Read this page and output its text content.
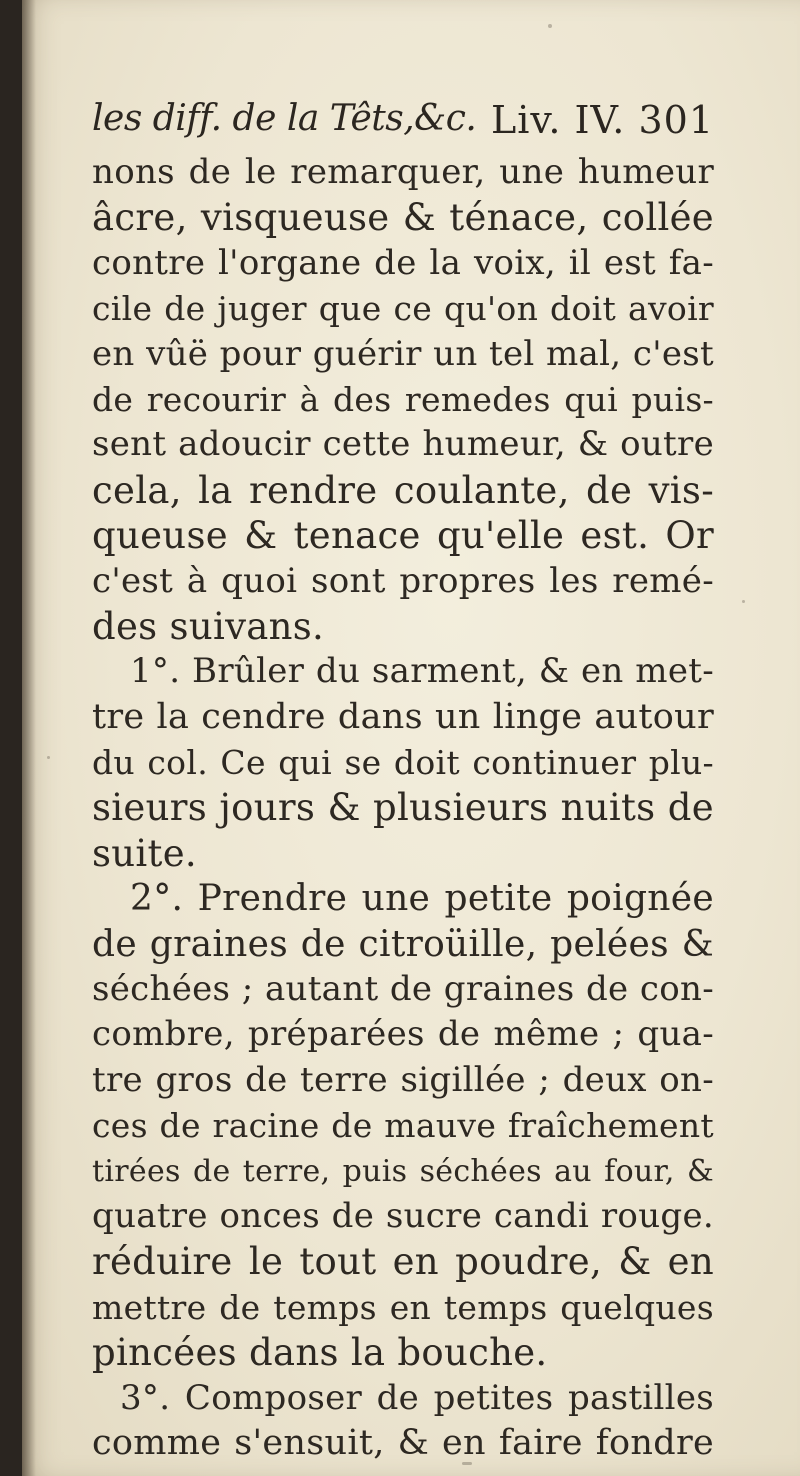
les diff. de la Têts,&c. Liv. IV. 301
nons de le remarquer, une humeur
âcre, visqueuse & ténace, collée
contre l'organe de la voix, il est fa-
cile de juger que ce qu'on doit avoir
en vûë pour guérir un tel mal, c'est
de recourir à des remedes qui puis-
sent adoucir cette humeur, & outre
cela, la rendre coulante, de vis-
queuse & tenace qu'elle est. Or
c'est à quoi sont propres les remé-
des suivans.
1°. Brûler du sarment, & en met-
tre la cendre dans un linge autour
du col. Ce qui se doit continuer plu-
sieurs jours & plusieurs nuits de
suite.
2°. Prendre une petite poignée
de graines de citroüille, pelées &
séchées ; autant de graines de con-
combre, préparées de même ; qua-
tre gros de terre sigillée ; deux on-
ces de racine de mauve fraîchement
tirées de terre, puis séchées au four, &
quatre onces de sucre candi rouge.
réduire le tout en poudre, & en
mettre de temps en temps quelques
pincées dans la bouche.
3°. Composer de petites pastilles
comme s'ensuit, & en faire fondre
